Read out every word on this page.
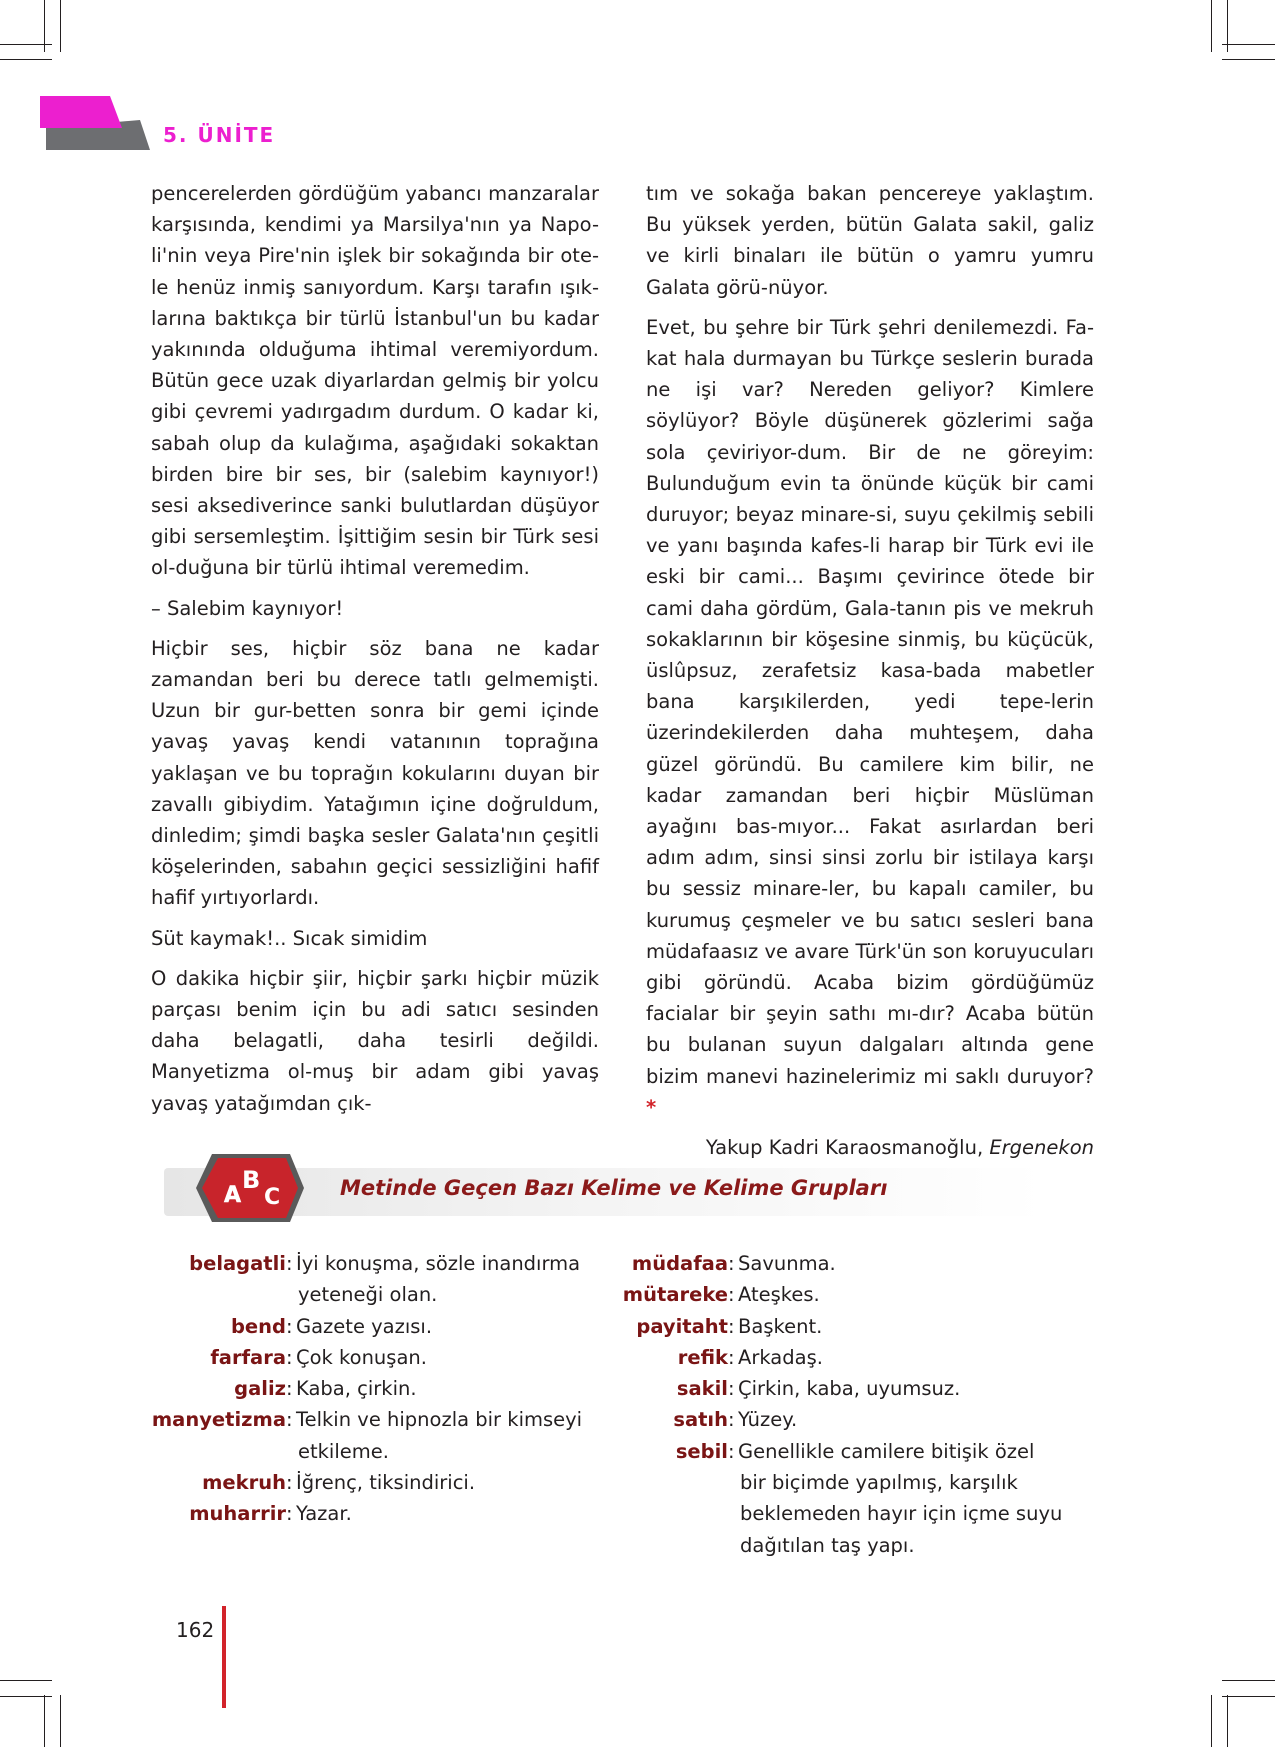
5. ÜNİTE

pencerelerden gördüğüm yabancı manzaralar karşısında, kendimi ya Marsilya'nın ya Napo-li'nin veya Pire'nin işlek bir sokağında bir ote-le henüz inmiş sanıyordum. Karşı tarafın ışık-larına baktıkça bir türlü İstanbul'un bu kadar yakınında olduğuma ihtimal veremiyordum. Bütün gece uzak diyarlardan gelmiş bir yolcu gibi çevremi yadırgadım durdum. O kadar ki, sabah olup da kulağıma, aşağıdaki sokaktan birden bire bir ses, bir (salebim kaynıyor!) sesi aksediverince sanki bulutlardan düşüyor gibi sersemleştim. İşittiğim sesin bir Türk sesi ol-duğuna bir türlü ihtimal veremedim.

– Salebim kaynıyor!

Hiçbir ses, hiçbir söz bana ne kadar zamandan beri bu derece tatlı gelmemişti. Uzun bir gur-betten sonra bir gemi içinde yavaş yavaş kendi vatanının toprağına yaklaşan ve bu toprağın kokularını duyan bir zavallı gibiydim. Yatağımın içine doğruldum, dinledim; şimdi başka sesler Galata'nın çeşitli köşelerinden, sabahın geçici sessizliğini hafif hafif yırtıyorlardı.

Süt kaymak!.. Sıcak simidim

O dakika hiçbir şiir, hiçbir şarkı hiçbir müzik parçası benim için bu adi satıcı sesinden daha belagatli, daha tesirli değildi. Manyetizma ol-muş bir adam gibi yavaş yavaş yatağımdan çık-

tım ve sokağa bakan pencereye yaklaştım. Bu yüksek yerden, bütün Galata sakil, galiz ve kirli binaları ile bütün o yamru yumru Galata görü-nüyor.

Evet, bu şehre bir Türk şehri denilemezdi. Fa-kat hala durmayan bu Türkçe seslerin burada ne işi var? Nereden geliyor? Kimlere söylüyor? Böyle düşünerek gözlerimi sağa sola çeviriyor-dum. Bir de ne göreyim: Bulunduğum evin ta önünde küçük bir cami duruyor; beyaz minare-si, suyu çekilmiş sebili ve yanı başında kafes-li harap bir Türk evi ile eski bir cami... Başımı çevirince ötede bir cami daha gördüm, Gala-tanın pis ve mekruh sokaklarının bir köşesine sinmiş, bu küçücük, üslûpsuz, zerafetsiz kasa-bada mabetler bana karşıkilerden, yedi tepe-lerin üzerindekilerden daha muhteşem, daha güzel göründü. Bu camilere kim bilir, ne kadar zamandan beri hiçbir Müslüman ayağını bas-mıyor... Fakat asırlardan beri adım adım, sinsi sinsi zorlu bir istilaya karşı bu sessiz minare-ler, bu kapalı camiler, bu kurumuş çeşmeler ve bu satıcı sesleri bana müdafaasız ve avare Türk'ün son koruyucuları gibi göründü. Acaba bizim gördüğümüz facialar bir şeyin sathı mı-dır? Acaba bütün bu bulanan suyun dalgaları altında gene bizim manevi hazinelerimiz mi saklı duruyor?*

Yakup Kadri Karaosmanoğlu, Ergenekon
A
B
C	Metinde Geçen Bazı Kelime ve Kelime Grupları
belagatli : İyi konuşma, sözle inandırma
yeteneği olan.
bend : Gazete yazısı.
farfara : Çok konuşan.
galiz : Kaba, çirkin.
manyetizma : Telkin ve hipnozla bir kimseyi
etkileme.
mekruh : İğrenç, tiksindirici.
muharrir : Yazar.
müdafaa : Savunma.
mütareke : Ateşkes.
payitaht : Başkent.
refik : Arkadaş.
sakil : Çirkin, kaba, uyumsuz.
satıh : Yüzey.
sebil : Genellikle camilere bitişik özel
bir biçimde yapılmış, karşılık
beklemeden hayır için içme suyu
dağıtılan taş yapı.
162
